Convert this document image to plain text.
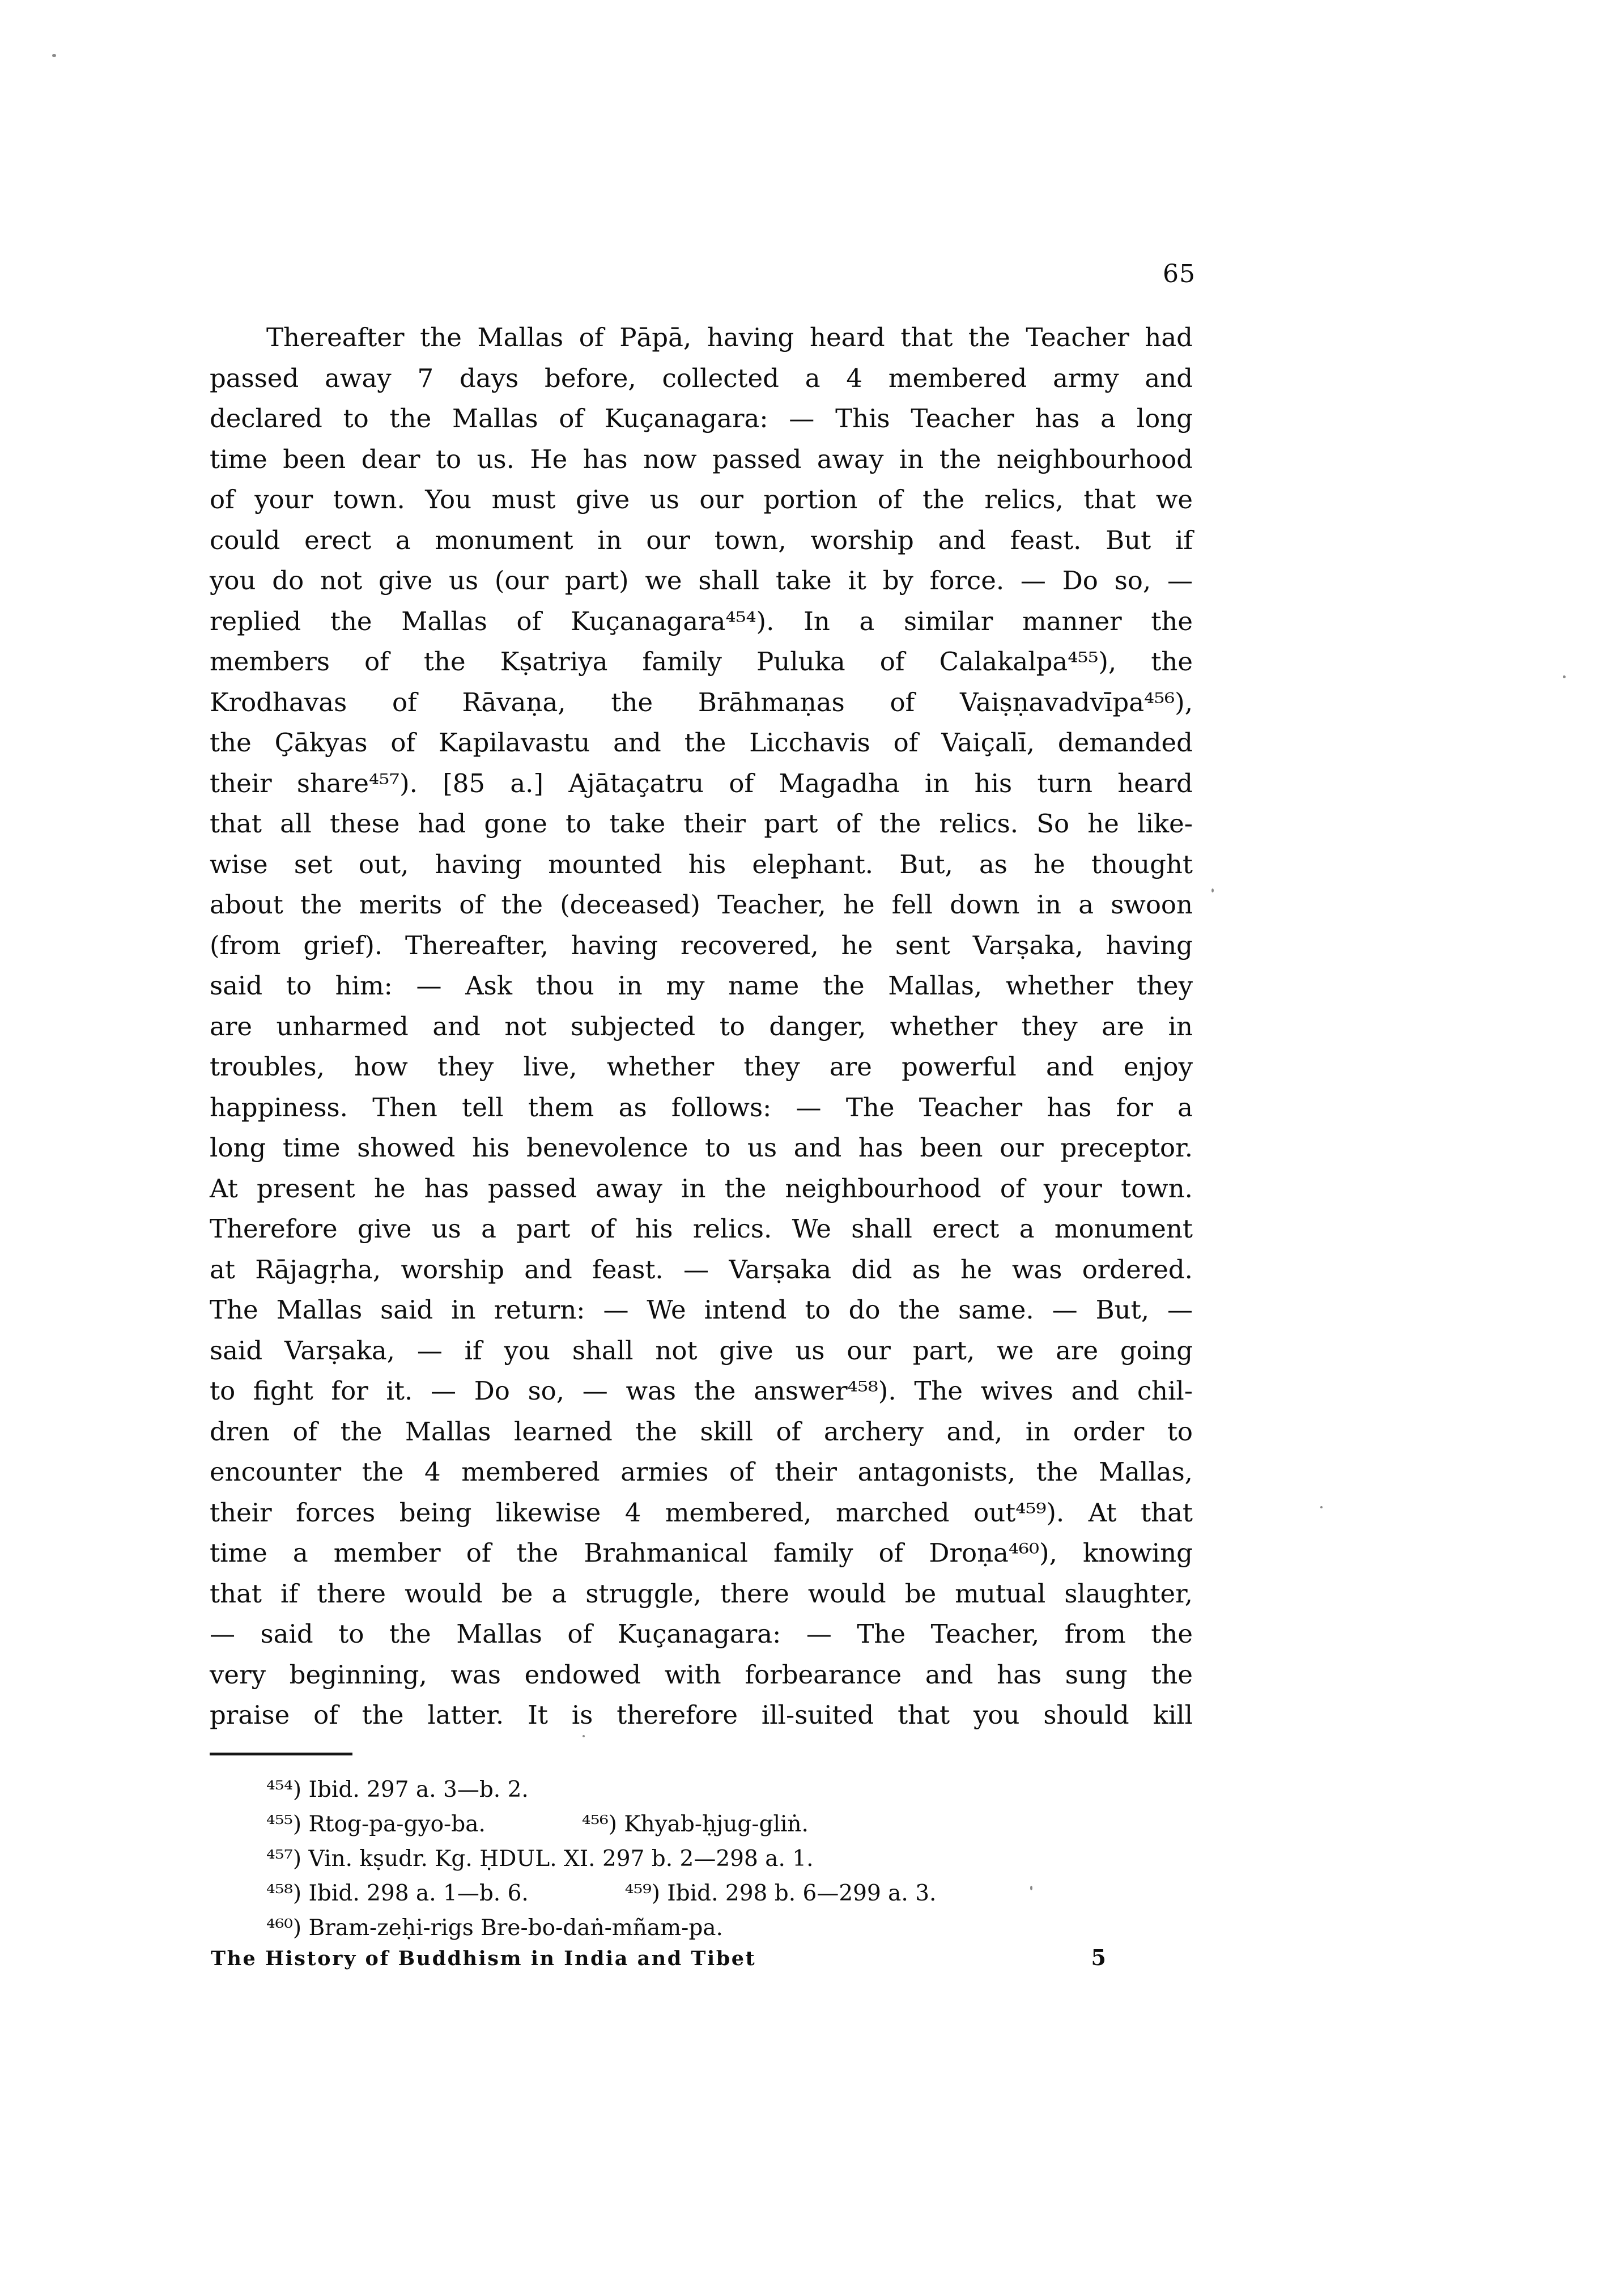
65
Thereafter the Mallas of Pāpā, having heard that the Teacher had
passed away 7 days before, collected a 4 membered army and
declared to the Mallas of Kuçanagara: — This Teacher has a long
time been dear to us. He has now passed away in the neighbourhood
of your town. You must give us our portion of the relics, that we
could erect a monument in our town, worship and feast. But if
you do not give us (our part) we shall take it by force. — Do so, —
replied the Mallas of Kuçanagara⁴⁵⁴). In a similar manner the
members of the Kṣatriya family Puluka of Calakalpa⁴⁵⁵), the
Krodhavas of Rāvaṇa, the Brāhmaṇas of Vaiṣṇavadvīpa⁴⁵⁶),
the Çākyas of Kapilavastu and the Licchavis of Vaiçalī, demanded
their share⁴⁵⁷). [85 a.] Ajātaçatru of Magadha in his turn heard
that all these had gone to take their part of the relics. So he like-
wise set out, having mounted his elephant. But, as he thought
about the merits of the (deceased) Teacher, he fell down in a swoon
(from grief). Thereafter, having recovered, he sent Varṣaka, having
said to him: — Ask thou in my name the Mallas, whether they
are unharmed and not subjected to danger, whether they are in
troubles, how they live, whether they are powerful and enjoy
happiness. Then tell them as follows: — The Teacher has for a
long time showed his benevolence to us and has been our preceptor.
At present he has passed away in the neighbourhood of your town.
Therefore give us a part of his relics. We shall erect a monument
at Rājagṛha, worship and feast. — Varṣaka did as he was ordered.
The Mallas said in return: — We intend to do the same. — But, —
said Varṣaka, — if you shall not give us our part, we are going
to fight for it. — Do so, — was the answer⁴⁵⁸). The wives and chil-
dren of the Mallas learned the skill of archery and, in order to
encounter the 4 membered armies of their antagonists, the Mallas,
their forces being likewise 4 membered, marched out⁴⁵⁹). At that
time a member of the Brahmanical family of Droṇa⁴⁶⁰), knowing
that if there would be a struggle, there would be mutual slaughter,
— said to the Mallas of Kuçanagara: — The Teacher, from the
very beginning, was endowed with forbearance and has sung the
praise of the latter. It is therefore ill-suited that you should kill
⁴⁵⁴) Ibid. 297 a. 3—b. 2.
⁴⁵⁵) Rtog-pa-gyo-ba.	⁴⁵⁶) Khyab-ḥjug-gliṅ.
⁴⁵⁷) Vin. kṣudr. Kg. ḤDUL. XI. 297 b. 2—298 a. 1.
⁴⁵⁸) Ibid. 298 a. 1—b. 6.	⁴⁵⁹) Ibid. 298 b. 6—299 a. 3.
⁴⁶⁰) Bram-zeḥi-rigs Bre-bo-daṅ-mñam-pa.
The History of Buddhism in India and Tibet	5
